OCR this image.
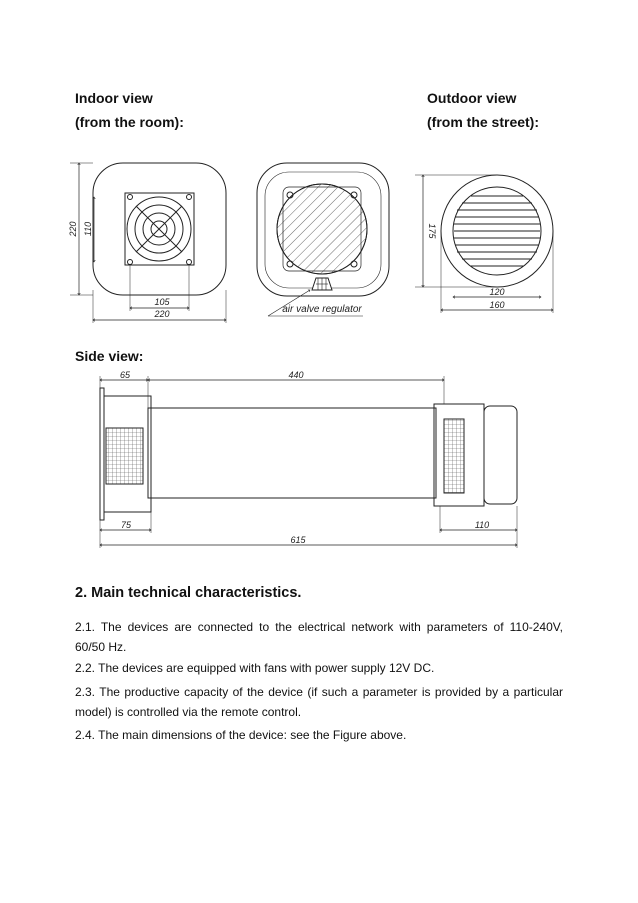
Indoor view
(from the room):
Outdoor view
(from the street):
Side view:
220 110
105
220	air valve regulator
175
120
160
65	440
75	110
615
2. Main technical characteristics.
2.1. The devices are connected to the electrical network with parameters of 110-240V, 60/50 Hz.
2.2. The devices are equipped with fans with power supply 12V DC.
2.3. The productive capacity of the device (if such a parameter is provided by a particular model) is controlled via the remote control.
2.4. The main dimensions of the device: see the Figure above.
